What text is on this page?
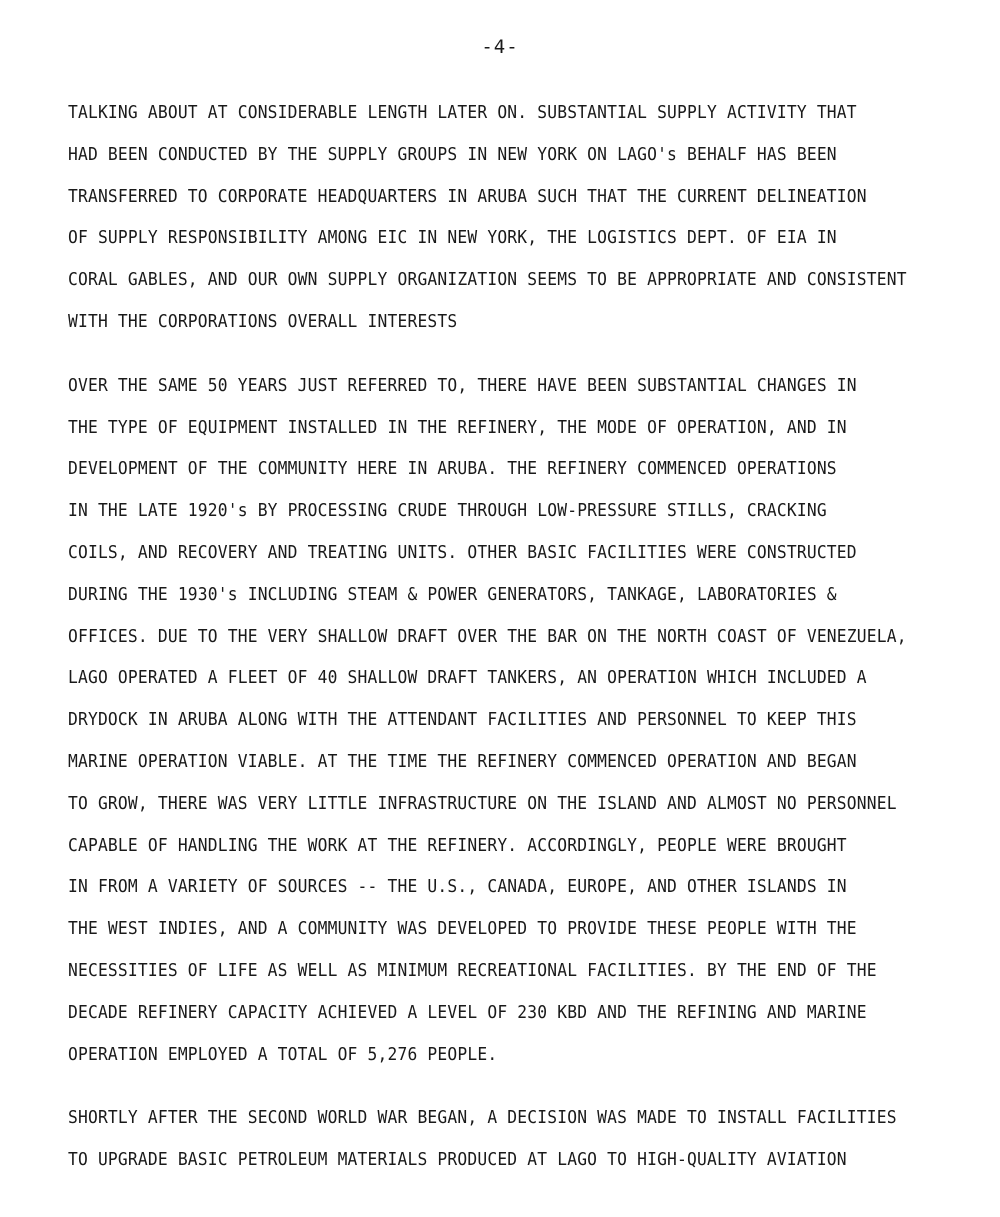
-4-
TALKING ABOUT AT CONSIDERABLE LENGTH LATER ON. SUBSTANTIAL SUPPLY ACTIVITY THAT
HAD BEEN CONDUCTED BY THE SUPPLY GROUPS IN NEW YORK ON LAGO's BEHALF HAS BEEN
TRANSFERRED TO CORPORATE HEADQUARTERS IN ARUBA SUCH THAT THE CURRENT DELINEATION
OF SUPPLY RESPONSIBILITY AMONG EIC IN NEW YORK, THE LOGISTICS DEPT. OF EIA IN
CORAL GABLES, AND OUR OWN SUPPLY ORGANIZATION SEEMS TO BE APPROPRIATE AND CONSISTENT
WITH THE CORPORATIONS OVERALL INTERESTS
OVER THE SAME 50 YEARS JUST REFERRED TO, THERE HAVE BEEN SUBSTANTIAL CHANGES IN
THE TYPE OF EQUIPMENT INSTALLED IN THE REFINERY, THE MODE OF OPERATION, AND IN
DEVELOPMENT OF THE COMMUNITY HERE IN ARUBA. THE REFINERY COMMENCED OPERATIONS
IN THE LATE 1920's BY PROCESSING CRUDE THROUGH LOW-PRESSURE STILLS, CRACKING
COILS, AND RECOVERY AND TREATING UNITS. OTHER BASIC FACILITIES WERE CONSTRUCTED
DURING THE 1930's INCLUDING STEAM & POWER GENERATORS, TANKAGE, LABORATORIES &
OFFICES. DUE TO THE VERY SHALLOW DRAFT OVER THE BAR ON THE NORTH COAST OF VENEZUELA,
LAGO OPERATED A FLEET OF 40 SHALLOW DRAFT TANKERS, AN OPERATION WHICH INCLUDED A
DRYDOCK IN ARUBA ALONG WITH THE ATTENDANT FACILITIES AND PERSONNEL TO KEEP THIS
MARINE OPERATION VIABLE. AT THE TIME THE REFINERY COMMENCED OPERATION AND BEGAN
TO GROW, THERE WAS VERY LITTLE INFRASTRUCTURE ON THE ISLAND AND ALMOST NO PERSONNEL
CAPABLE OF HANDLING THE WORK AT THE REFINERY. ACCORDINGLY, PEOPLE WERE BROUGHT
IN FROM A VARIETY OF SOURCES -- THE U.S., CANADA, EUROPE, AND OTHER ISLANDS IN
THE WEST INDIES, AND A COMMUNITY WAS DEVELOPED TO PROVIDE THESE PEOPLE WITH THE
NECESSITIES OF LIFE AS WELL AS MINIMUM RECREATIONAL FACILITIES. BY THE END OF THE
DECADE REFINERY CAPACITY ACHIEVED A LEVEL OF 230 KBD AND THE REFINING AND MARINE
OPERATION EMPLOYED A TOTAL OF 5,276 PEOPLE.
SHORTLY AFTER THE SECOND WORLD WAR BEGAN, A DECISION WAS MADE TO INSTALL FACILITIES
TO UPGRADE BASIC PETROLEUM MATERIALS PRODUCED AT LAGO TO HIGH-QUALITY AVIATION
